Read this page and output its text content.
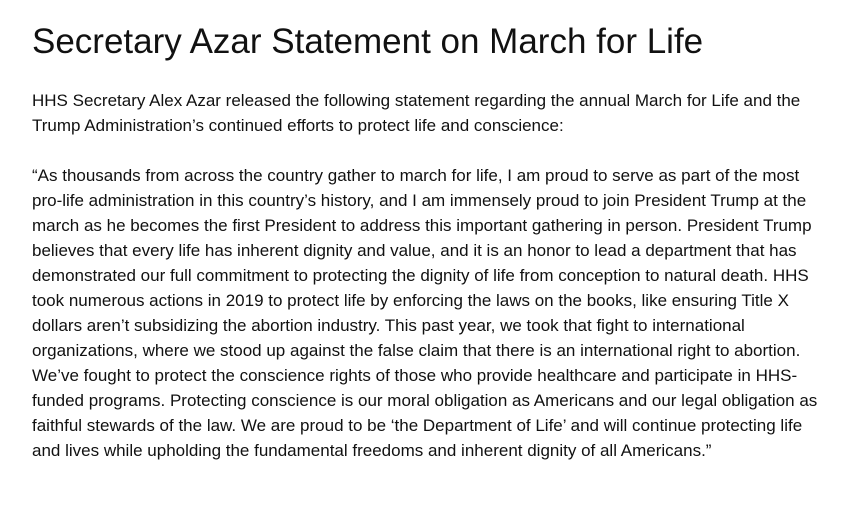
Secretary Azar Statement on March for Life

HHS Secretary Alex Azar released the following statement regarding the annual March for Life and the Trump Administration’s continued efforts to protect life and conscience:

“As thousands from across the country gather to march for life, I am proud to serve as part of the most pro-life administration in this country’s history, and I am immensely proud to join President Trump at the march as he becomes the first President to address this important gathering in person. President Trump believes that every life has inherent dignity and value, and it is an honor to lead a department that has demonstrated our full commitment to protecting the dignity of life from conception to natural death. HHS took numerous actions in 2019 to protect life by enforcing the laws on the books, like ensuring Title X dollars aren’t subsidizing the abortion industry. This past year, we took that fight to international organizations, where we stood up against the false claim that there is an international right to abortion. We’ve fought to protect the conscience rights of those who provide healthcare and participate in HHS-funded programs. Protecting conscience is our moral obligation as Americans and our legal obligation as faithful stewards of the law. We are proud to be ‘the Department of Life’ and will continue protecting life and lives while upholding the fundamental freedoms and inherent dignity of all Americans.”
